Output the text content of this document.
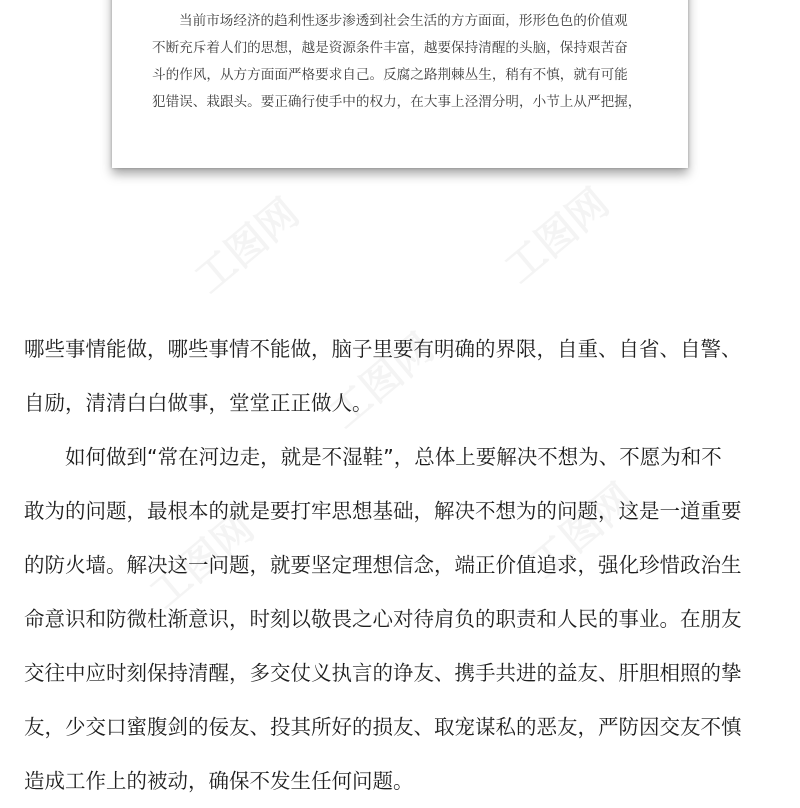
当前市场经济的趋利性逐步渗透到社会生活的方方面面，形形色色的价值观
不断充斥着人们的思想，越是资源条件丰富，越要保持清醒的头脑，保持艰苦奋
斗的作风，从方方面面严格要求自己。反腐之路荆棘丛生，稍有不慎，就有可能
犯错误、栽跟头。要正确行使手中的权力，在大事上泾渭分明，小节上从严把握，
哪些事情能做，哪些事情不能做，脑子里要有明确的界限，自重、自省、自警、
自励，清清白白做事，堂堂正正做人。
　　如何做到“常在河边走，就是不湿鞋”，总体上要解决不想为、不愿为和不
敢为的问题，最根本的就是要打牢思想基础，解决不想为的问题，这是一道重要
的防火墙。解决这一问题，就要坚定理想信念，端正价值追求，强化珍惜政治生
命意识和防微杜渐意识，时刻以敬畏之心对待肩负的职责和人民的事业。在朋友
交往中应时刻保持清醒，多交仗义执言的诤友、携手共进的益友、肝胆相照的挚
友，少交口蜜腹剑的佞友、投其所好的损友、取宠谋私的恶友，严防因交友不慎
造成工作上的被动，确保不发生任何问题。
